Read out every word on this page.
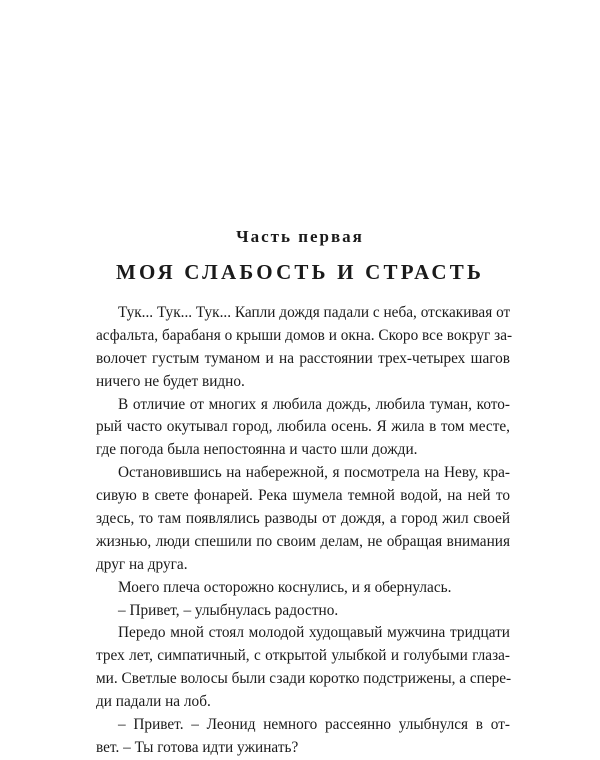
Часть первая
МОЯ СЛАБОСТЬ И СТРАСТЬ
Тук... Тук... Тук... Капли дождя падали с неба, отскакивая от
асфальта, барабаня о крыши домов и окна. Скоро все вокруг за-
волочет густым туманом и на расстоянии трех-четырех шагов
ничего не будет видно.
В отличие от многих я любила дождь, любила туман, кото-
рый часто окутывал город, любила осень. Я жила в том месте,
где погода была непостоянна и часто шли дожди.
Остановившись на набережной, я посмотрела на Неву, кра-
сивую в свете фонарей. Река шумела темной водой, на ней то
здесь, то там появлялись разводы от дождя, а город жил своей
жизнью, люди спешили по своим делам, не обращая внимания
друг на друга.
Моего плеча осторожно коснулись, и я обернулась.
– Привет, – улыбнулась радостно.
Передо мной стоял молодой худощавый мужчина тридцати
трех лет, симпатичный, с открытой улыбкой и голубыми глаза-
ми. Светлые волосы были сзади коротко подстрижены, а спере-
ди падали на лоб.
– Привет. – Леонид немного рассеянно улыбнулся в от-
вет. – Ты готова идти ужинать?
